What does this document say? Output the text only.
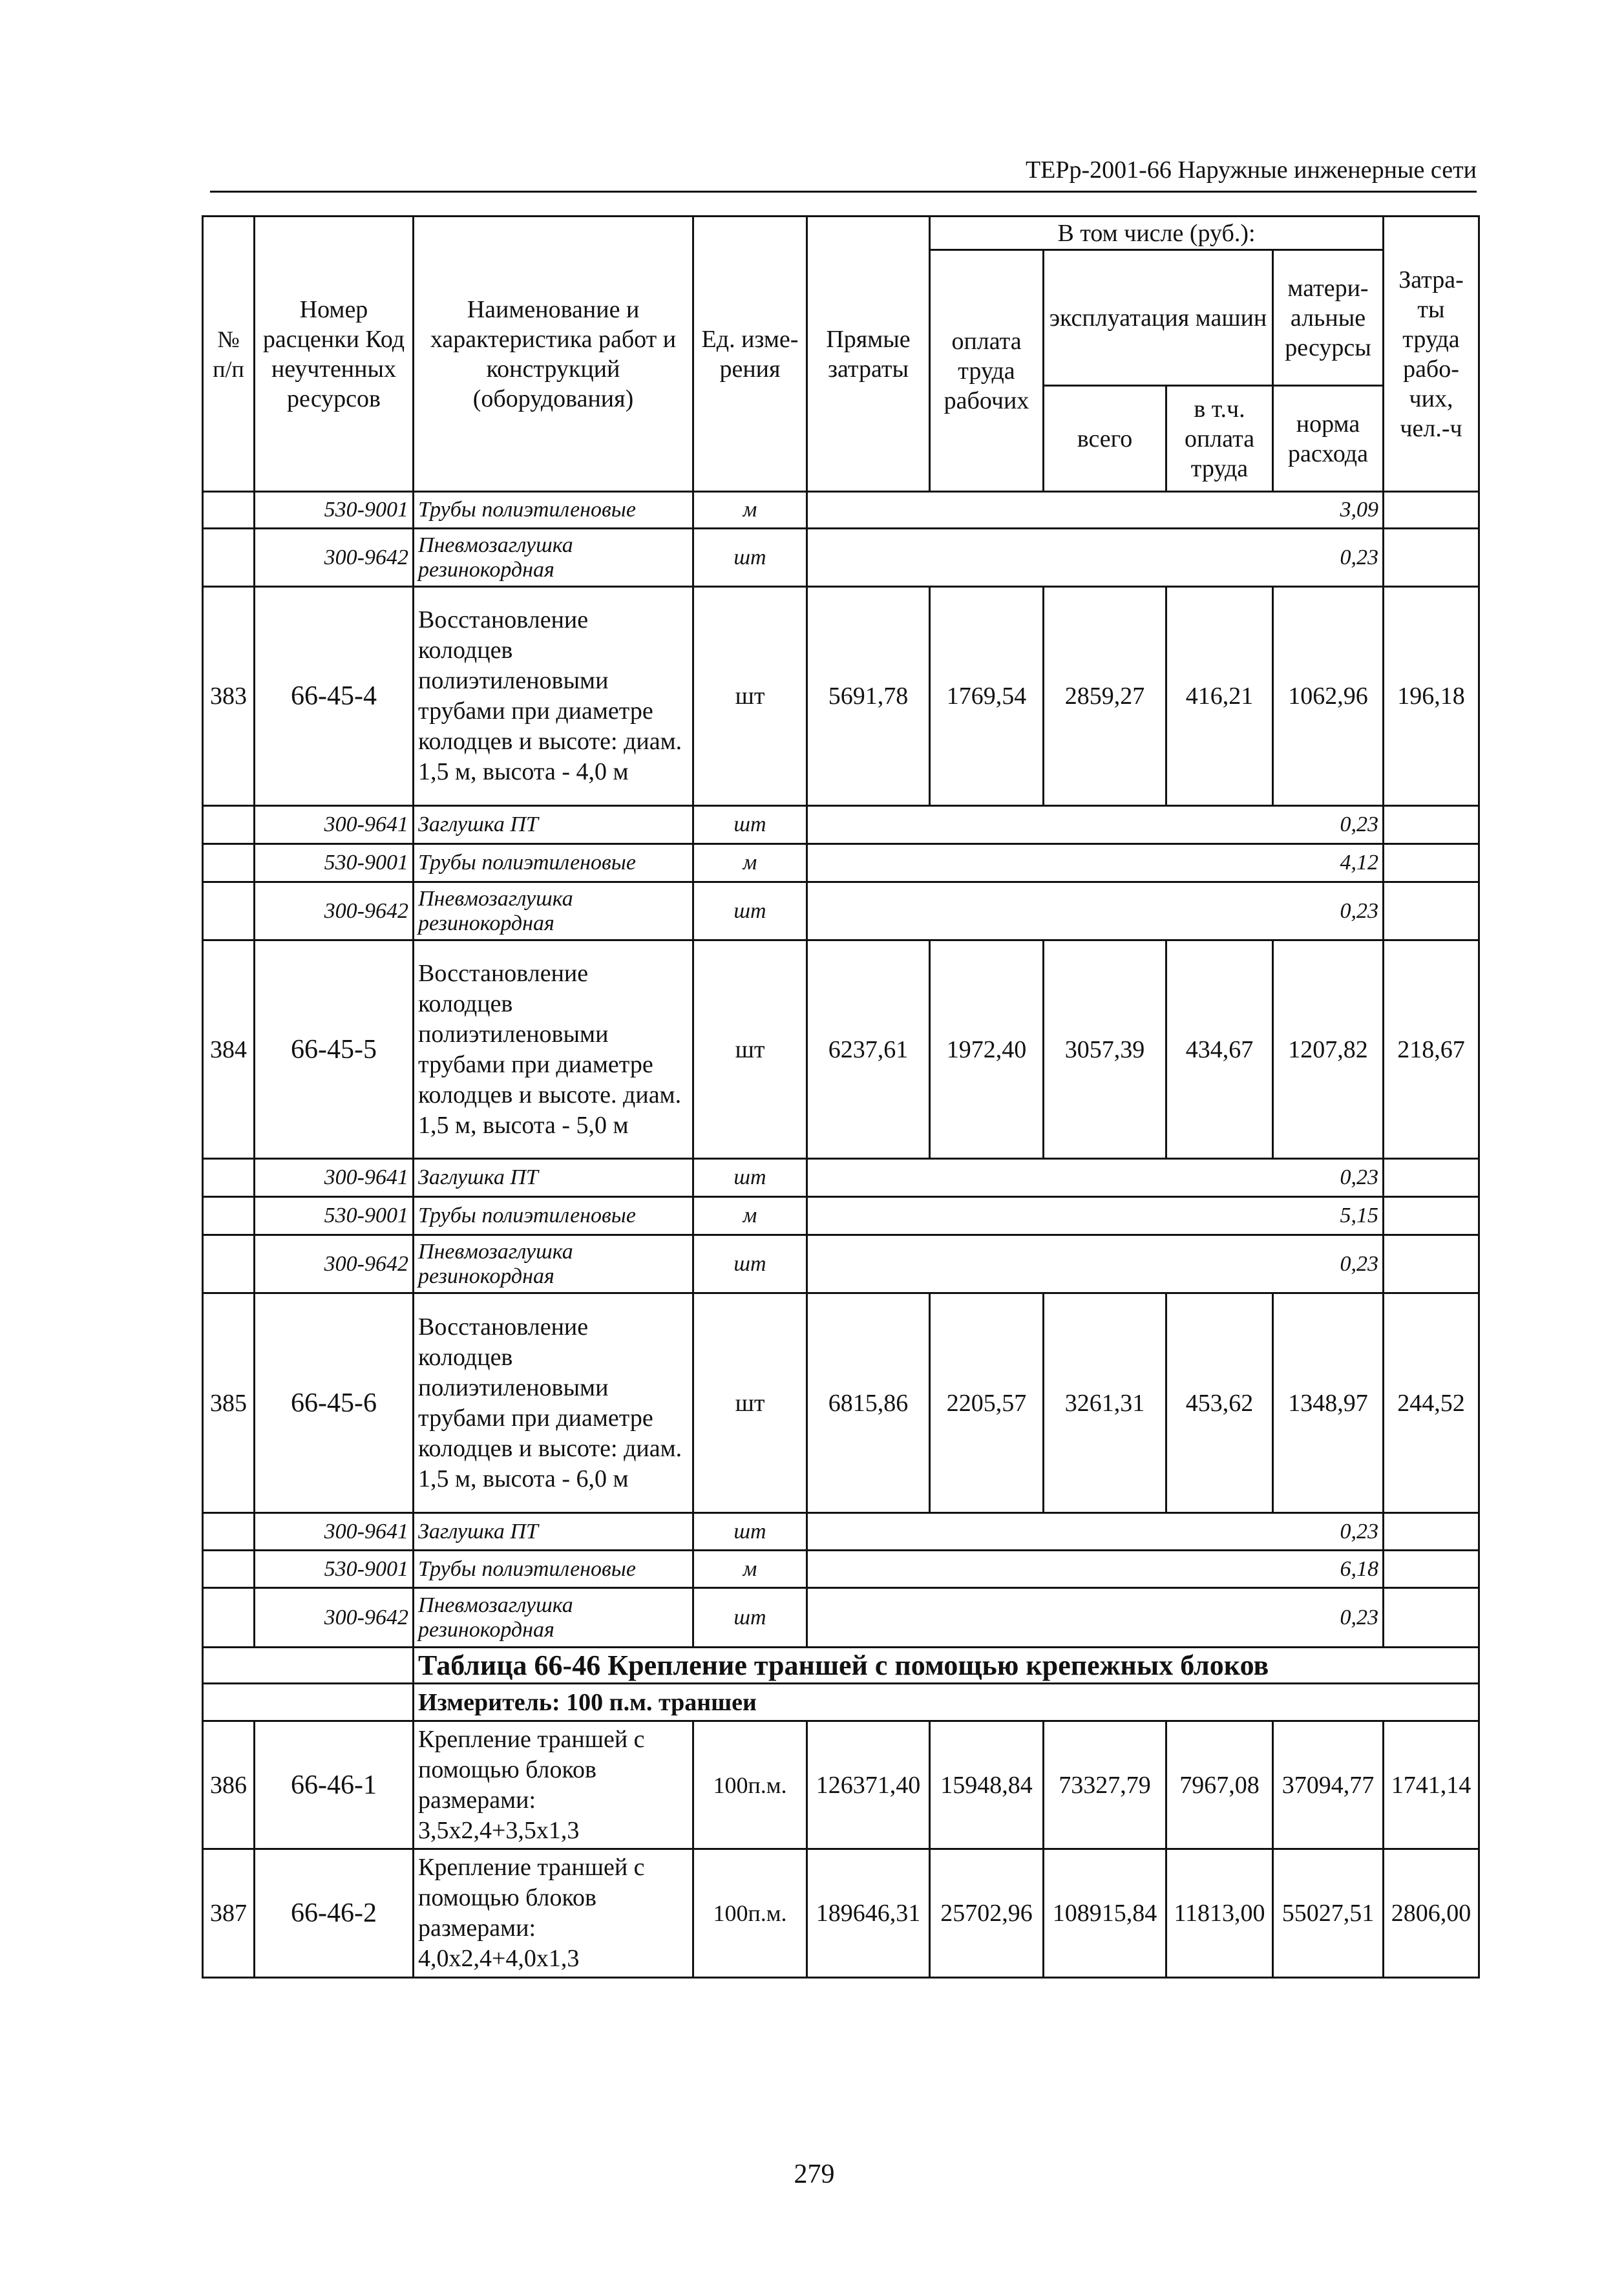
ТЕРр-2001-66 Наружные инженерные сети
№ п/п	Номер расценки Код неучтенных ресурсов	Наименование и характеристика работ и конструкций (оборудования)	Ед. изме-рения	Прямые затраты	В том числе (руб.):				Затра-ты труда рабо-чих, чел.-ч
					оплата труда рабочих	эксплуатация машин		матери-альные ресурсы	
						всего	в т.ч. оплата труда	норма расхода	
	530-9001	Трубы полиэтиленовые	м	3,09					
	300-9642	Пневмозаглушка резинокордная	шт	0,23					
383	66-45-4	Восстановление колодцев полиэтиленовыми трубами при диаметре колодцев и высоте: диам. 1,5 м, высота - 4,0 м	шт	5691,78	1769,54	2859,27	416,21	1062,96	196,18
	300-9641	Заглушка ПТ	шт	0,23					
	530-9001	Трубы полиэтиленовые	м	4,12					
	300-9642	Пневмозаглушка резинокордная	шт	0,23					
384	66-45-5	Восстановление колодцев полиэтиленовыми трубами при диаметре колодцев и высоте. диам. 1,5 м, высота - 5,0 м	шт	6237,61	1972,40	3057,39	434,67	1207,82	218,67
	300-9641	Заглушка ПТ	шт	0,23					
	530-9001	Трубы полиэтиленовые	м	5,15					
	300-9642	Пневмозаглушка резинокордная	шт	0,23					
385	66-45-6	Восстановление колодцев полиэтиленовыми трубами при диаметре колодцев и высоте: диам. 1,5 м, высота - 6,0 м	шт	6815,86	2205,57	3261,31	453,62	1348,97	244,52
	300-9641	Заглушка ПТ	шт	0,23					
	530-9001	Трубы полиэтиленовые	м	6,18					
	300-9642	Пневмозаглушка резинокордная	шт	0,23					
		Таблица 66-46 Крепление траншей с помощью крепежных блоков							
		Измеритель: 100 п.м. траншеи							
386	66-46-1	Крепление траншей с помощью блоков размерами: 3,5х2,4+3,5х1,3	100п.м.	126371,40	15948,84	73327,79	7967,08	37094,77	1741,14
387	66-46-2	Крепление траншей с помощью блоков размерами: 4,0х2,4+4,0х1,3	100п.м.	189646,31	25702,96	108915,84	11813,00	55027,51	2806,00
279
